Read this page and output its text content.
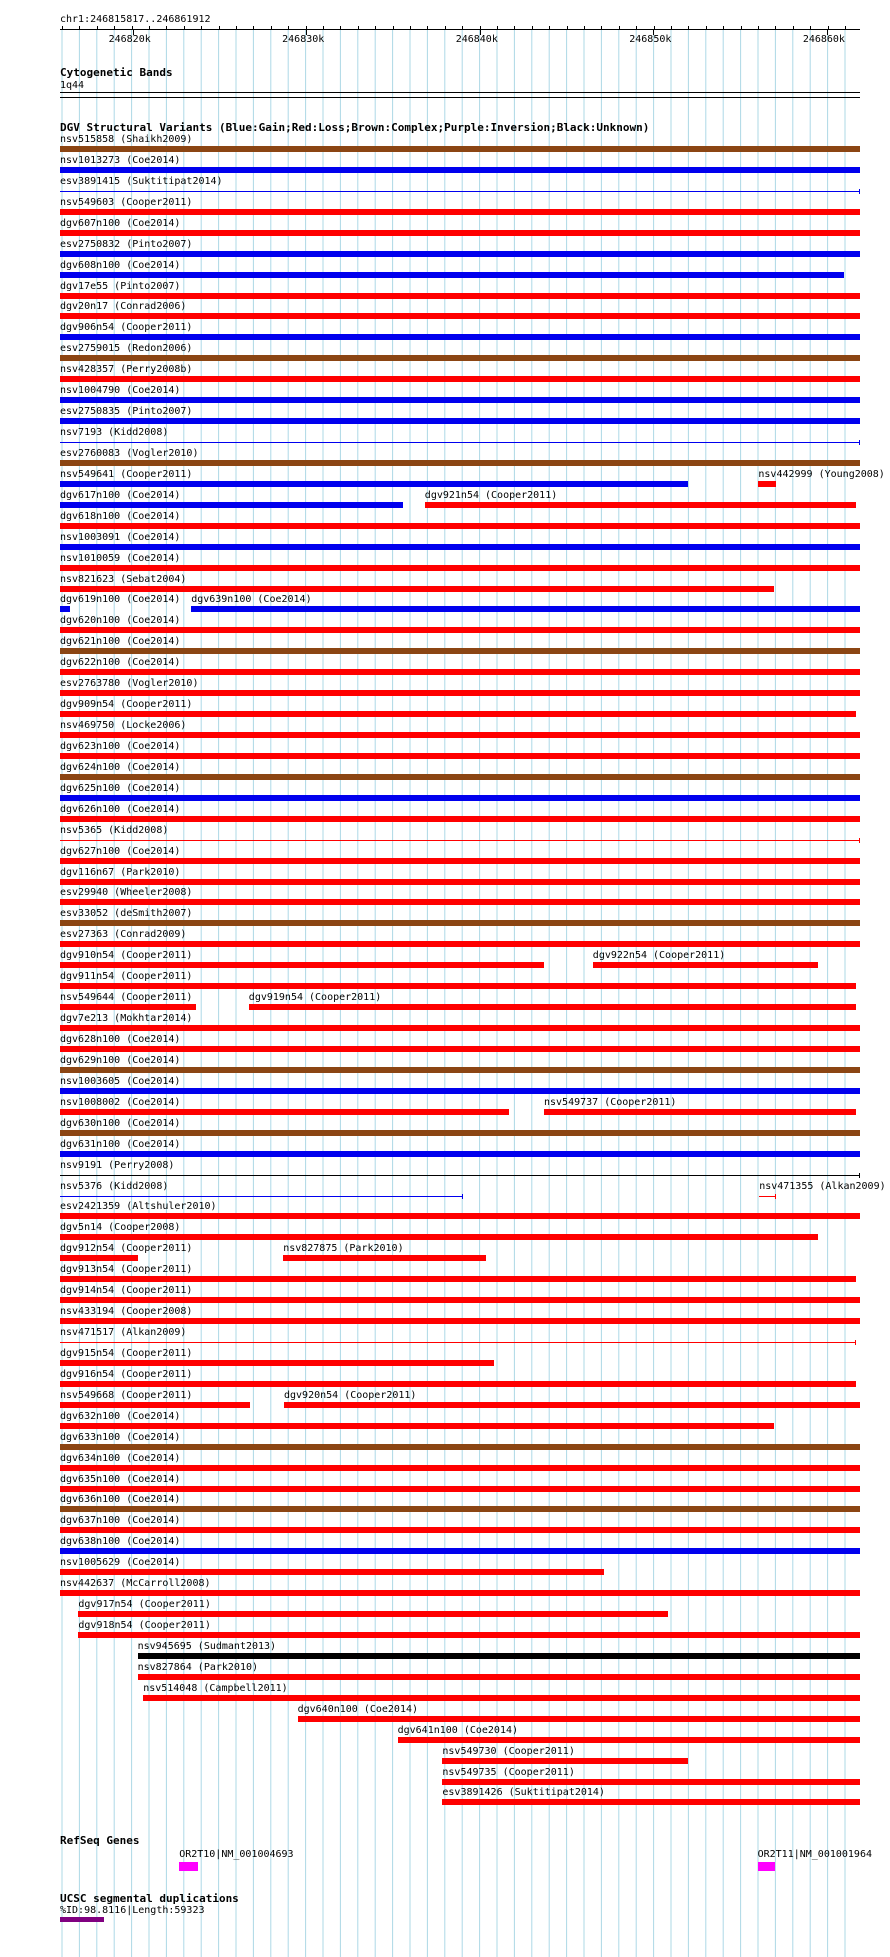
chr1:246815817..246861912
246820k	246830k	246840k	246850k	246860k
Cytogenetic Bands
1q44
DGV Structural Variants (Blue:Gain;Red:Loss;Brown:Complex;Purple:Inversion;Black:Unknown)
nsv515858 (Shaikh2009)
nsv1013273 (Coe2014)
esv3891415 (Suktitipat2014)
nsv549603 (Cooper2011)
dgv607n100 (Coe2014)
esv2750832 (Pinto2007)
dgv608n100 (Coe2014)
dgv17e55 (Pinto2007)
dgv20n17 (Conrad2006)
dgv906n54 (Cooper2011)
esv2759015 (Redon2006)
nsv428357 (Perry2008b)
nsv1004790 (Coe2014)
esv2750835 (Pinto2007)
nsv7193 (Kidd2008)
esv2760083 (Vogler2010)
nsv549641 (Cooper2011)	nsv442999 (Young2008)
dgv617n100 (Coe2014)	dgv921n54 (Cooper2011)
dgv618n100 (Coe2014)
nsv1003091 (Coe2014)
nsv1010059 (Coe2014)
nsv821623 (Sebat2004)
dgv619n100 (Coe2014) dgv639n100 (Coe2014)
dgv620n100 (Coe2014)
dgv621n100 (Coe2014)
dgv622n100 (Coe2014)
esv2763780 (Vogler2010)
dgv909n54 (Cooper2011)
nsv469750 (Locke2006)
dgv623n100 (Coe2014)
dgv624n100 (Coe2014)
dgv625n100 (Coe2014)
dgv626n100 (Coe2014)
nsv5365 (Kidd2008)
dgv627n100 (Coe2014)
dgv116n67 (Park2010)
esv29940 (Wheeler2008)
esv33052 (deSmith2007)
esv27363 (Conrad2009)
dgv910n54 (Cooper2011)	dgv922n54 (Cooper2011)
dgv911n54 (Cooper2011)
nsv549644 (Cooper2011)	dgv919n54 (Cooper2011)
dgv7e213 (Mokhtar2014)
dgv628n100 (Coe2014)
dgv629n100 (Coe2014)
nsv1003605 (Coe2014)
nsv1008002 (Coe2014)	nsv549737 (Cooper2011)
dgv630n100 (Coe2014)
dgv631n100 (Coe2014)
nsv9191 (Perry2008)
nsv5376 (Kidd2008)	nsv471355 (Alkan2009)
esv2421359 (Altshuler2010)
dgv5n14 (Cooper2008)
dgv912n54 (Cooper2011)	nsv827875 (Park2010)
dgv913n54 (Cooper2011)
dgv914n54 (Cooper2011)
nsv433194 (Cooper2008)
nsv471517 (Alkan2009)
dgv915n54 (Cooper2011)
dgv916n54 (Cooper2011)
nsv549668 (Cooper2011)	dgv920n54 (Cooper2011)
dgv632n100 (Coe2014)
dgv633n100 (Coe2014)
dgv634n100 (Coe2014)
dgv635n100 (Coe2014)
dgv636n100 (Coe2014)
dgv637n100 (Coe2014)
dgv638n100 (Coe2014)
nsv1005629 (Coe2014)
nsv442637 (McCarroll2008)
dgv917n54 (Cooper2011)
dgv918n54 (Cooper2011)
nsv945695 (Sudmant2013)
nsv827864 (Park2010)
nsv514048 (Campbell2011)
dgv640n100 (Coe2014)
dgv641n100 (Coe2014)
nsv549730 (Cooper2011)
nsv549735 (Cooper2011)
esv3891426 (Suktitipat2014)
RefSeq Genes
OR2T10|NM_001004693	OR2T11|NM_001001964
UCSC segmental duplications
%ID:98.8116|Length:59323
